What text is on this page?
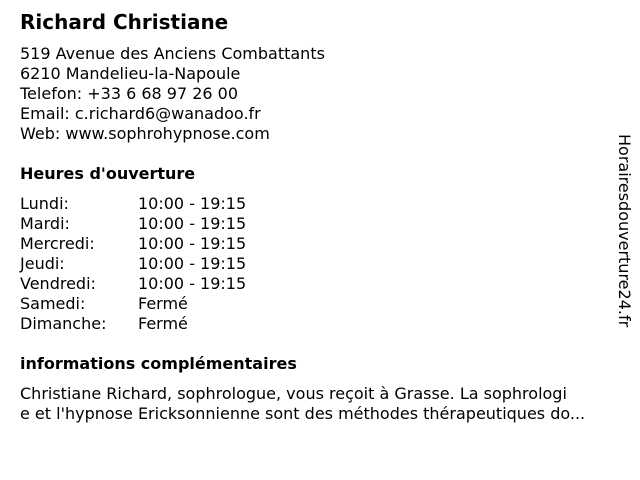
Richard Christiane
519 Avenue des Anciens Combattants
6210 Mandelieu-la-Napoule
Telefon: +33 6 68 97 26 00
Email: c.richard6@wanadoo.fr
Web: www.sophrohypnose.com
Heures d'ouverture
Lundi:	10:00 - 19:15
Mardi:	10:00 - 19:15
Mercredi:	10:00 - 19:15
Jeudi:	10:00 - 19:15
Vendredi:	10:00 - 19:15
Samedi:	Fermé
Dimanche:	Fermé
informations complémentaires
Christiane Richard, sophrologue, vous reçoit à Grasse. La sophrologi
e et l'hypnose Ericksonnienne sont des méthodes thérapeutiques do...
Horairesdouverture24.fr
